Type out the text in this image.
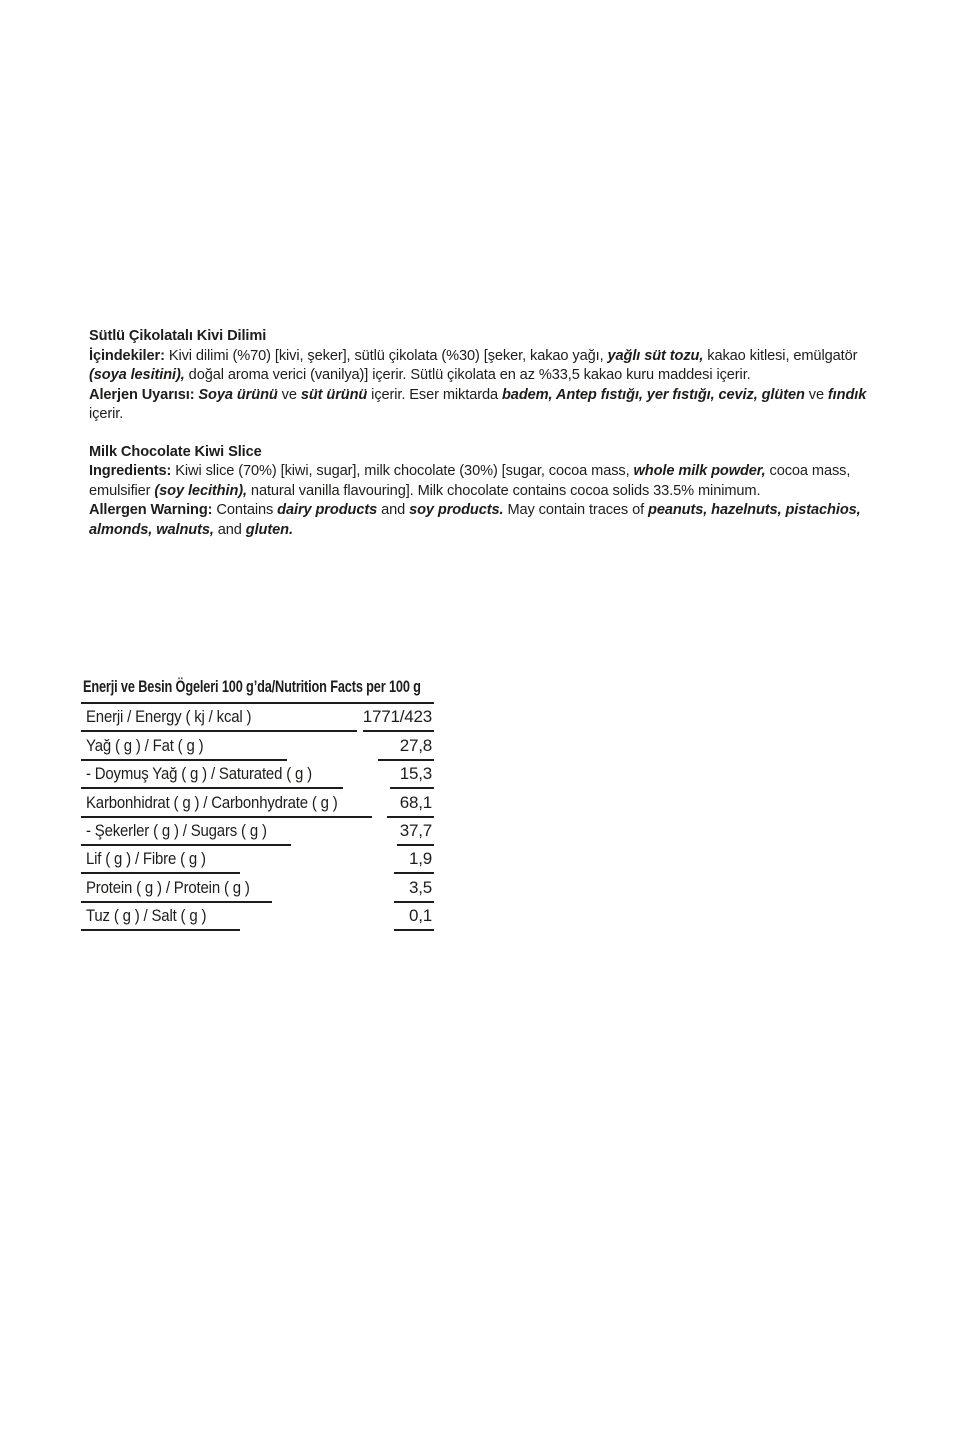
Sütlü Çikolatalı Kivi Dilimi

İçindekiler: Kivi dilimi (%70) [kivi, şeker], sütlü çikolata (%30) [şeker, kakao yağı, yağlı süt tozu, kakao kitlesi, emülgatör (soya lesitini), doğal aroma verici (vanilya)] içerir. Sütlü çikolata en az %33,5 kakao kuru maddesi içerir.

Alerjen Uyarısı: Soya ürünü ve süt ürünü içerir. Eser miktarda badem, Antep fıstığı, yer fıstığı, ceviz, glüten ve fındık içerir.

Milk Chocolate Kiwi Slice

Ingredients: Kiwi slice (70%) [kiwi, sugar], milk chocolate (30%) [sugar, cocoa mass, whole milk powder, cocoa mass, emulsifier (soy lecithin), natural vanilla flavouring]. Milk chocolate contains cocoa solids 33.5% minimum.

Allergen Warning: Contains dairy products and soy products. May contain traces of peanuts, hazelnuts, pistachios, almonds, walnuts, and gluten.

Enerji ve Besin Ögeleri 100 g’da/Nutrition Facts per 100 g
Enerji / Energy ( kj / kcal )	1771/423
Yağ ( g ) / Fat ( g )	27,8
- Doymuş Yağ ( g ) / Saturated ( g )	15,3
Karbonhidrat ( g ) / Carbonhydrate ( g )	68,1
- Şekerler ( g ) / Sugars ( g )	37,7
Lif ( g ) / Fibre ( g )	1,9
Protein ( g ) / Protein ( g )	3,5
Tuz ( g ) / Salt ( g )	0,1
